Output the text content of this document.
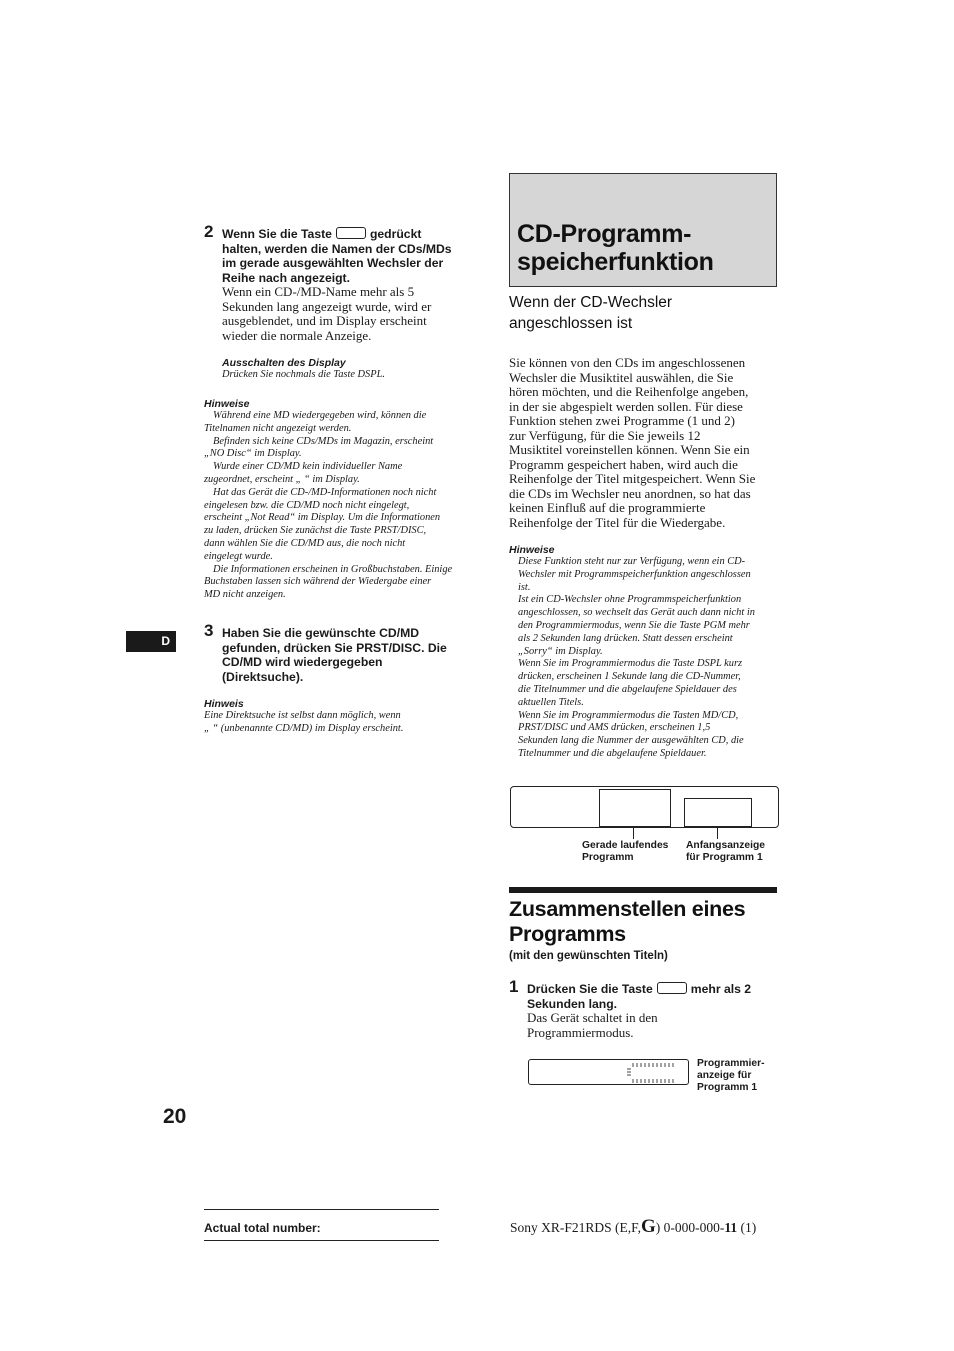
2 Wenn Sie die Taste	gedrückt
halten, werden die Namen der CDs/MDs
im gerade ausgewählten Wechsler der
Reihe nach angezeigt.
Wenn ein CD-/MD-Name mehr als 5
Sekunden lang angezeigt wurde, wird er
ausgeblendet, und im Display erscheint
wieder die normale Anzeige.
Ausschalten des Display
Drücken Sie nochmals die Taste DSPL.
Hinweise
Während eine MD wiedergegeben wird, können die
Titelnamen nicht angezeigt werden.
Befinden sich keine CDs/MDs im Magazin, erscheint
„NO Disc“ im Display.
Wurde einer CD/MD kein individueller Name
zugeordnet, erscheint „ “ im Display.
Hat das Gerät die CD-/MD-Informationen noch nicht
eingelesen bzw. die CD/MD noch nicht eingelegt,
erscheint „Not Read“ im Display. Um die Informationen
zu laden, drücken Sie zunächst die Taste PRST/DISC,
dann wählen Sie die CD/MD aus, die noch nicht
eingelegt wurde.
Die Informationen erscheinen in Großbuchstaben. Einige
Buchstaben lassen sich während der Wiedergabe einer
MD nicht anzeigen.
3 Haben Sie die gewünschte CD/MD
gefunden, drücken Sie PRST/DISC. Die
CD/MD wird wiedergegeben
(Direktsuche).
Hinweis
Eine Direktsuche ist selbst dann möglich, wenn
„ “ (unbenannte CD/MD) im Display erscheint.
D
20
CD-Programm-
speicherfunktion
Wenn der CD-Wechsler
angeschlossen ist
Sie können von den CDs im angeschlossenen
Wechsler die Musiktitel auswählen, die Sie
hören möchten, und die Reihenfolge angeben,
in der sie abgespielt werden sollen. Für diese
Funktion stehen zwei Programme (1 und 2)
zur Verfügung, für die Sie jeweils 12
Musiktitel voreinstellen können. Wenn Sie ein
Programm gespeichert haben, wird auch die
Reihenfolge der Titel mitgespeichert. Wenn Sie
die CDs im Wechsler neu anordnen, so hat das
keinen Einfluß auf die programmierte
Reihenfolge der Titel für die Wiedergabe.
Hinweise
Diese Funktion steht nur zur Verfügung, wenn ein CD-
Wechsler mit Programmspeicherfunktion angeschlossen
ist.
Ist ein CD-Wechsler ohne Programmspeicherfunktion
angeschlossen, so wechselt das Gerät auch dann nicht in
den Programmiermodus, wenn Sie die Taste PGM mehr
als 2 Sekunden lang drücken. Statt dessen erscheint
„Sorry“ im Display.
Wenn Sie im Programmiermodus die Taste DSPL kurz
drücken, erscheinen 1 Sekunde lang die CD-Nummer,
die Titelnummer und die abgelaufene Spieldauer des
aktuellen Titels.
Wenn Sie im Programmiermodus die Tasten MD/CD,
PRST/DISC und AMS drücken, erscheinen 1,5
Sekunden lang die Nummer der ausgewählten CD, die
Titelnummer und die abgelaufene Spieldauer.
Gerade laufendes
Programm
Anfangsanzeige
für Programm 1
Zusammenstellen eines
Programms
(mit den gewünschten Titeln)
1 Drücken Sie die Taste	mehr als 2
Sekunden lang.
Das Gerät schaltet in den
Programmiermodus.
Programmier-
anzeige für
Programm 1
Actual total number:	Sony XR-F21RDS (E,F,G) 0-000-000-11 (1)
